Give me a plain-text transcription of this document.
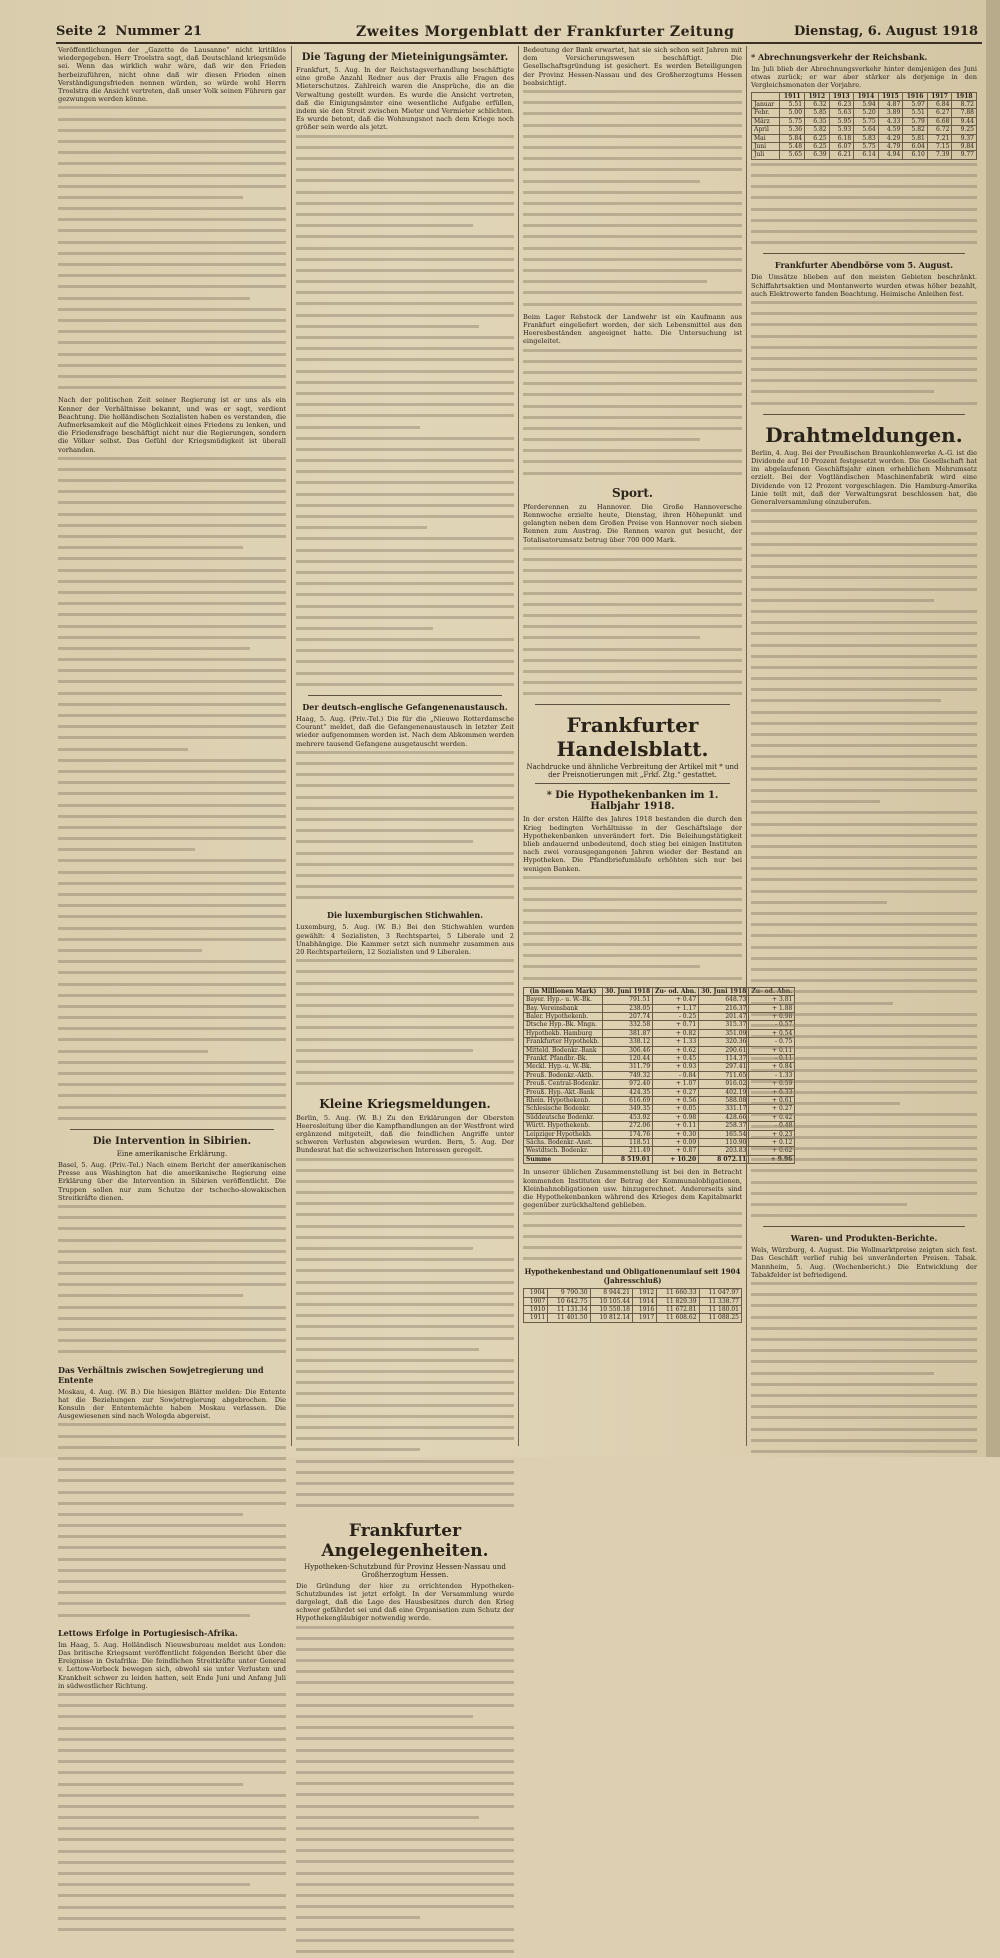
Seite 2 Nummer 21	Zweites Morgenblatt der Frankfurter Zeitung	Dienstag, 6. August 1918

Veröffentlichungen der „Gazette de Lausanne“ nicht kritiklos wiedergegeben. Herr Troelstra sagt, daß Deutschland kriegsmüde sei. Wenn das wirklich wahr wäre, daß wir den Frieden herbeizuführen, nicht ohne daß wir diesen Frieden einen Verständigungsfrieden nennen würden, so würde wohl Herrn Troelstra die Ansicht vertreten, daß unser Volk seinen Führern gar gezwungen werden könne.

Nach der politischen Zeit seiner Regierung ist er uns als ein Kenner der Verhältnisse bekannt, und was er sagt, verdient Beachtung. Die holländischen Sozialisten haben es verstanden, die Aufmerksamkeit auf die Möglichkeit eines Friedens zu lenken, und die Friedensfrage beschäftigt nicht nur die Regierungen, sondern die Völker selbst. Das Gefühl der Kriegsmüdigkeit ist überall vorhanden.

Die Intervention in Sibirien.
Eine amerikanische Erklärung.

Basel, 5. Aug. (Priv.-Tel.) Nach einem Bericht der amerikanischen Presse aus Washington hat die amerikanische Regierung eine Erklärung über die Intervention in Sibirien veröffentlicht. Die Truppen sollen nur zum Schutze der tschecho-slowakischen Streitkräfte dienen.

Das Verhältnis zwischen Sowjetregierung und Entente

Moskau, 4. Aug. (W. B.) Die hiesigen Blätter melden: Die Entente hat die Beziehungen zur Sowjetregierung abgebrochen. Die Konsuln der Ententemächte haben Moskau verlassen. Die Ausgewiesenen sind nach Wologda abgereist.

Lettows Erfolge in Portugiesisch-Afrika.

Im Haag, 5. Aug. Holländisch Nieuwsbureau meldet aus London: Das britische Kriegsamt veröffentlicht folgenden Bericht über die Ereignisse in Ostafrika: Die feindlichen Streitkräfte unter General v. Lettow-Vorbeck bewegen sich, obwohl sie unter Verlusten und Krankheit schwer zu leiden hatten, seit Ende Juni und Anfang Juli in südwestlicher Richtung.

Die Tagung der Mieteinigungsämter.

Frankfurt, 5. Aug. In der Reichstagsverhandlung beschäftigte eine große Anzahl Redner aus der Praxis alle Fragen des Mieterschutzes. Zahlreich waren die Ansprüche, die an die Verwaltung gestellt wurden. Es wurde die Ansicht vertreten, daß die Einigungsämter eine wesentliche Aufgabe erfüllen, indem sie den Streit zwischen Mieter und Vermieter schlichten. Es wurde betont, daß die Wohnungsnot nach dem Kriege noch größer sein werde als jetzt.

Der deutsch-englische Gefangenenaustausch.

Haag, 5. Aug. (Priv.-Tel.) Die für die „Nieuwe Rotterdamsche Courant“ meldet, daß die Gefangenenaustausch in letzter Zeit wieder aufgenommen worden ist. Nach dem Abkommen werden mehrere tausend Gefangene ausgetauscht werden.

Die luxemburgischen Stichwahlen.

Luxemburg, 5. Aug. (W. B.) Bei den Stichwahlen wurden gewählt: 4 Sozialisten, 3 Rechtspartei, 5 Liberale und 2 Unabhängige. Die Kammer setzt sich nunmehr zusammen aus 20 Rechtsparteilern, 12 Sozialisten und 9 Liberalen.

Kleine Kriegsmeldungen.

Berlin, 5. Aug. (W. B.) Zu den Erklärungen der Obersten Heeresleitung über die Kampfhandlungen an der Westfront wird ergänzend mitgeteilt, daß die feindlichen Angriffe unter schweren Verlusten abgewiesen wurden. Bern, 5. Aug. Der Bundesrat hat die schweizerischen Interessen geregelt.

Frankfurter Angelegenheiten.
Hypotheken-Schutzbund für Provinz Hessen-Nassau und Großherzogtum Hessen.

Die Gründung der hier zu errichtenden Hypotheken-Schutzbundes ist jetzt erfolgt. In der Versammlung wurde dargelegt, daß die Lage des Hausbesitzes durch den Krieg schwer gefährdet sei und daß eine Organisation zum Schutz der Hypothekengläubiger notwendig werde.

Bedeutung der Bank erwartet, hat sie sich schon seit Jahren mit dem Versicherungswesen beschäftigt. Die Gesellschaftsgründung ist gesichert. Es werden Beteiligungen der Provinz Hessen-Nassau und des Großherzogtums Hessen beabsichtigt.

Beim Lager Rebstock der Landwehr ist ein Kaufmann aus Frankfurt eingeliefert worden, der sich Lebensmittel aus den Heeresbeständen angeeignet hatte. Die Untersuchung ist eingeleitet.

Sport.

Pferderennen zu Hannover. Die Große Hannoversche Rennwoche erzielte heute, Dienstag, ihren Höhepunkt und gelangten neben dem Großen Preise von Hannover noch sieben Rennen zum Austrag. Die Rennen waren gut besucht, der Totalisatorumsatz betrug über 700 000 Mark.

Frankfurter Handelsblatt.
Nachdrucke und ähnliche Verbreitung der Artikel mit * und der Preisnotierungen mit „Frkf. Ztg.“ gestattet.
* Die Hypothekenbanken im 1. Halbjahr 1918.

In der ersten Hälfte des Jahres 1918 bestanden die durch den Krieg bedingten Verhältnisse in der Geschäftslage der Hypothekenbanken unverändert fort. Die Beleihungstätigkeit blieb andauernd unbedeutend, doch stieg bei einigen Instituten nach zwei vorausgegangenen Jahren wieder der Bestand an Hypotheken. Die Pfandbriefumläufe erhöhten sich nur bei wenigen Banken.

(in Millionen Mark)	30. Juni 1918	Zu- od. Abn.	30. Juni 1918	Zu- od. Abn.
Bayer. Hyp.- u. W.-Bk.	791.51	+ 0.47	648.73	+ 3.81
Bay. Vereinsbank	238.05	+ 1.17	216.37	+ 1.88
Baler. Hypothekenb.	207.74	- 0.25	201.47	+ 0.98
Dtsche Hyp.-Bk. Mngn.	332.58	+ 0.71	315.37	- 0.57
Hypothekb. Hamburg	381.87	+ 0.82	351.09	+ 0.54
Frankfurter Hypothekb.	338.12	+ 1.33	320.36	- 0.75
Mitteld. Bodenkr.-Bank	306.46	+ 0.62	290.61	+ 0.11
Frankf. Pfandbr.-Bk.	120.44	+ 0.45	114.37	- 0.11
Meckl. Hyp.-u. W.-Bk.	311.79	+ 0.93	297.41	+ 0.84
Preuß. Bodenkr.-Aktb.	749.32	- 0.84	711.65	- 1.33
Preuß. Central-Bodenkr.	972.40	+ 1.07	916.02	+ 0.59
Preuß. Hyp.-Akt.-Bank	424.35	+ 0.27	402.19	+ 0.33
Rhein. Hypothekenb.	616.69	+ 0.56	588.08	+ 0.61
Schlesische Bodenkr.	349.35	+ 0.05	331.17	+ 0.27
Süddeutsche Bodenkr.	453.92	+ 0.98	428.66	+ 0.42
Württ. Hypothekenb.	272.06	+ 0.11	258.37	- 0.48
Leipziger Hypothekb.	174.76	+ 0.30	165.54	+ 0.23
Sächs. Bodenkr.-Anst.	118.51	+ 0.09	110.90	+ 0.12
Westdtsch. Bodenkr.	211.49	+ 0.87	203.83	+ 0.62
Summe	8 519.01	+ 10.20	8 072.11	+ 9.96

In unserer üblichen Zusammenstellung ist bei den in Betracht kommenden Instituten der Betrag der Kommunalobligationen, Kleinbahnobligationen usw. hinzugerechnet. Andererseits sind die Hypothekenbanken während des Krieges dem Kapitalmarkt gegenüber zurückhaltend geblieben.

Hypothekenbestand und Obligationenumlauf seit 1904 (Jahresschluß)
1904	9 790.30	8 944.21	1912	11 660.33	11 047.97
1907	10 642.75	10 105.44	1914	11 829.39	11 338.77
1910	11 131.34	10 550.18	1916	11 672.81	11 180.01
1911	11 401.50	10 812.14	1917	11 608.62	11 088.25
* Abrechnungsverkehr der Reichsbank.

Im Juli blieb der Abrechnungsverkehr hinter demjenigen des Juni etwas zurück; er war aber stärker als derjenige in den Vergleichsmonaten der Vorjahre.

	1911	1912	1913	1914	1915	1916	1917	1918
Januar	5.51	6.32	6.23	5.94	4.87	5.97	6.84	8.72
Febr.	5.00	5.85	5.63	5.20	3.89	5.51	6.27	7.88
März	5.75	6.35	5.95	5.75	4.33	5.79	6.68	9.44
April	5.36	5.82	5.93	5.64	4.59	5.82	6.72	9.25
Mai	5.84	6.25	6.18	5.83	4.29	5.81	7.21	9.37
Juni	5.48	6.25	6.07	5.75	4.79	6.04	7.15	9.84
Juli	5.65	6.39	6.21	6.14	4.94	6.10	7.39	9.77
Frankfurter Abendbörse vom 5. August.

Die Umsätze blieben auf den meisten Gebieten beschränkt. Schiffahrtsaktien und Montanwerte wurden etwas höher bezahlt, auch Elektrowerte fanden Beachtung. Heimische Anleihen fest.

Drahtmeldungen.

Berlin, 4. Aug. Bei der Preußischen Braunkohlenwerke A.-G. ist die Dividende auf 10 Prozent festgesetzt worden. Die Gesellschaft hat im abgelaufenen Geschäftsjahr einen erheblichen Mehrumsatz erzielt. Bei der Vogtländischen Maschinenfabrik wird eine Dividende von 12 Prozent vorgeschlagen. Die Hamburg-Amerika Linie teilt mit, daß der Verwaltungsrat beschlossen hat, die Generalversammlung einzuberufen.

Waren- und Produkten-Berichte.

Wels, Würzburg, 4. August. Die Wollmarktpreise zeigten sich fest. Das Geschäft verlief ruhig bei unveränderten Preisen. Tabak. Mannheim, 5. Aug. (Wochenbericht.) Die Entwicklung der Tabakfelder ist befriedigend.
